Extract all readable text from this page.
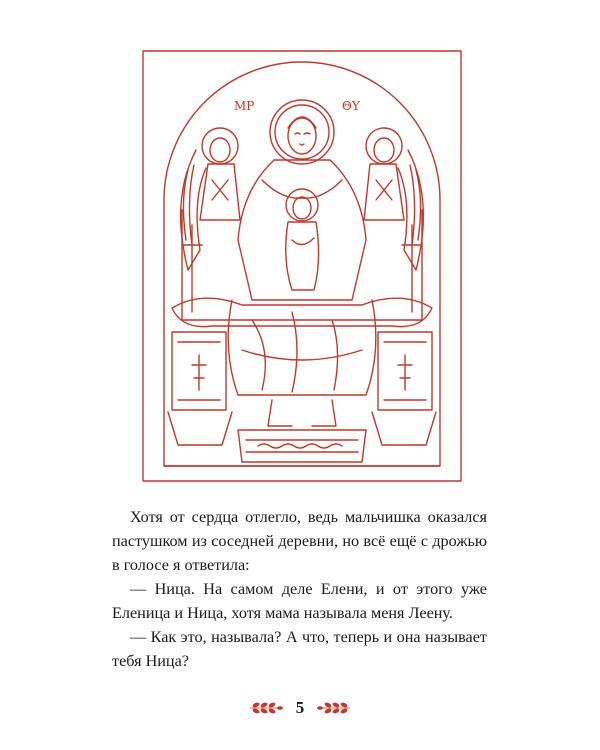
МР	ΘΥ

Хотя от сердца отлегло, ведь мальчишка оказался пастушком из соседней деревни, но всё ещё с дрожью в голосе я ответила:

— Ница. На самом деле Елени, и от этого уже Еленица и Ница, хотя мама называла меня Леену.

— Как это, называла? А что, теперь и она называет тебя Ница?

5
